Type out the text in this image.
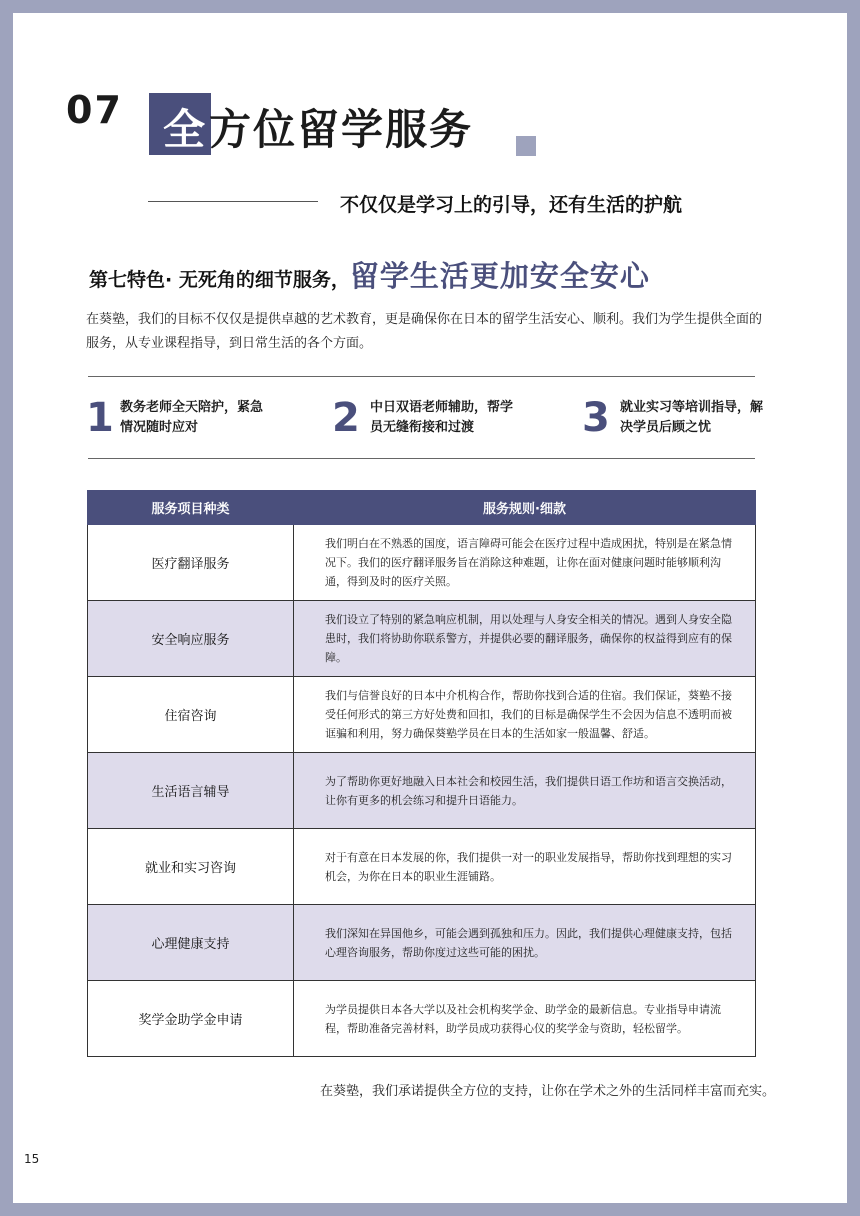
07 全 方位留学服务
不仅仅是学习上的引导，还有生活的护航
第七特色· 无死角的细节服务，留学生活更加安全安心
在葵塾，我们的目标不仅仅是提供卓越的艺术教育，更是确保你在日本的留学生活安心、顺利。我们为学生提供全面的服务，从专业课程指导，到日常生活的各个方面。
1 教务老师全天陪护，紧急情况随时应对	2 中日双语老师辅助，帮学员无缝衔接和过渡	3 就业实习等培训指导，解决学员后顾之忧
服务项目种类	服务规则·细款
医疗翻译服务	我们明白在不熟悉的国度，语言障碍可能会在医疗过程中造成困扰，特别是在紧急情况下。我们的医疗翻译服务旨在消除这种难题，让你在面对健康问题时能够顺利沟通，得到及时的医疗关照。
安全响应服务	我们设立了特别的紧急响应机制，用以处理与人身安全相关的情况。遇到人身安全隐患时，我们将协助你联系警方，并提供必要的翻译服务，确保你的权益得到应有的保障。
住宿咨询	我们与信誉良好的日本中介机构合作，帮助你找到合适的住宿。我们保证，葵塾不接受任何形式的第三方好处费和回扣，我们的目标是确保学生不会因为信息不透明而被诓骗和利用，努力确保葵塾学员在日本的生活如家一般温馨、舒适。
生活语言辅导	为了帮助你更好地融入日本社会和校园生活，我们提供日语工作坊和语言交换活动，让你有更多的机会练习和提升日语能力。
就业和实习咨询	对于有意在日本发展的你，我们提供一对一的职业发展指导，帮助你找到理想的实习机会，为你在日本的职业生涯铺路。
心理健康支持	我们深知在异国他乡，可能会遇到孤独和压力。因此，我们提供心理健康支持，包括心理咨询服务，帮助你度过这些可能的困扰。
奖学金助学金申请	为学员提供日本各大学以及社会机构奖学金、助学金的最新信息。专业指导申请流程，帮助准备完善材料，助学员成功获得心仪的奖学金与资助，轻松留学。
在葵塾，我们承诺提供全方位的支持，让你在学术之外的生活同样丰富而充实。
15
